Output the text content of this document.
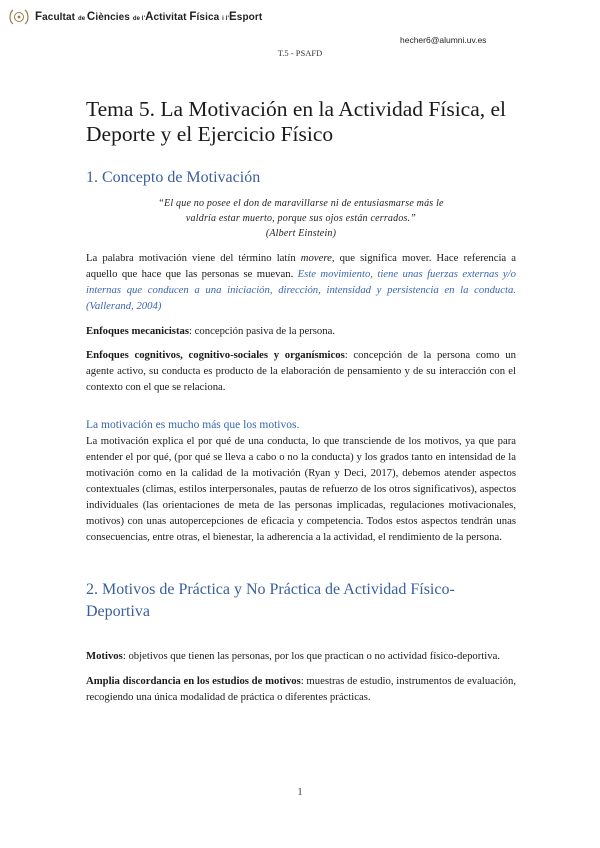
Facultat de Ciències de l'Activitat Física i l'Esport
hecher6@alumni.uv.es
T.5 - PSAFD
Tema 5. La Motivación en la Actividad Física, el Deporte y el Ejercicio Físico
1. Concepto de Motivación
“El que no posee el don de maravillarse ni de entusiasmarse más le
valdría estar muerto, porque sus ojos están cerrados.”
(Albert Einstein)

La palabra motivación viene del término latín movere, que significa mover. Hace referencia a aquello que hace que las personas se muevan. Este movimiento, tiene unas fuerzas externas y/o internas que conducen a una iniciación, dirección, intensidad y persistencia en la conducta. (Vallerand, 2004)

Enfoques mecanicistas: concepción pasiva de la persona.

Enfoques cognitivos, cognitivo-sociales y organísmicos: concepción de la persona como un agente activo, su conducta es producto de la elaboración de pensamiento y de su interacción con el contexto con el que se relaciona.

La motivación es mucho más que los motivos.

La motivación explica el por qué de una conducta, lo que transciende de los motivos, ya que para entender el por qué, (por qué se lleva a cabo o no la conducta) y los grados tanto en intensidad de la motivación como en la calidad de la motivación (Ryan y Deci, 2017), debemos atender aspectos contextuales (climas, estilos interpersonales, pautas de refuerzo de los otros significativos), aspectos individuales (las orientaciones de meta de las personas implicadas, regulaciones motivacionales, motivos) con unas autopercepciones de eficacia y competencia. Todos estos aspectos tendrán unas consecuencias, entre otras, el bienestar, la adherencia a la actividad, el rendimiento de la persona.

2. Motivos de Práctica y No Práctica de Actividad Físico-Deportiva

Motivos: objetivos que tienen las personas, por los que practican o no actividad físico-deportiva.

Amplia discordancia en los estudios de motivos: muestras de estudio, instrumentos de evaluación, recogiendo una única modalidad de práctica o diferentes prácticas.

1
